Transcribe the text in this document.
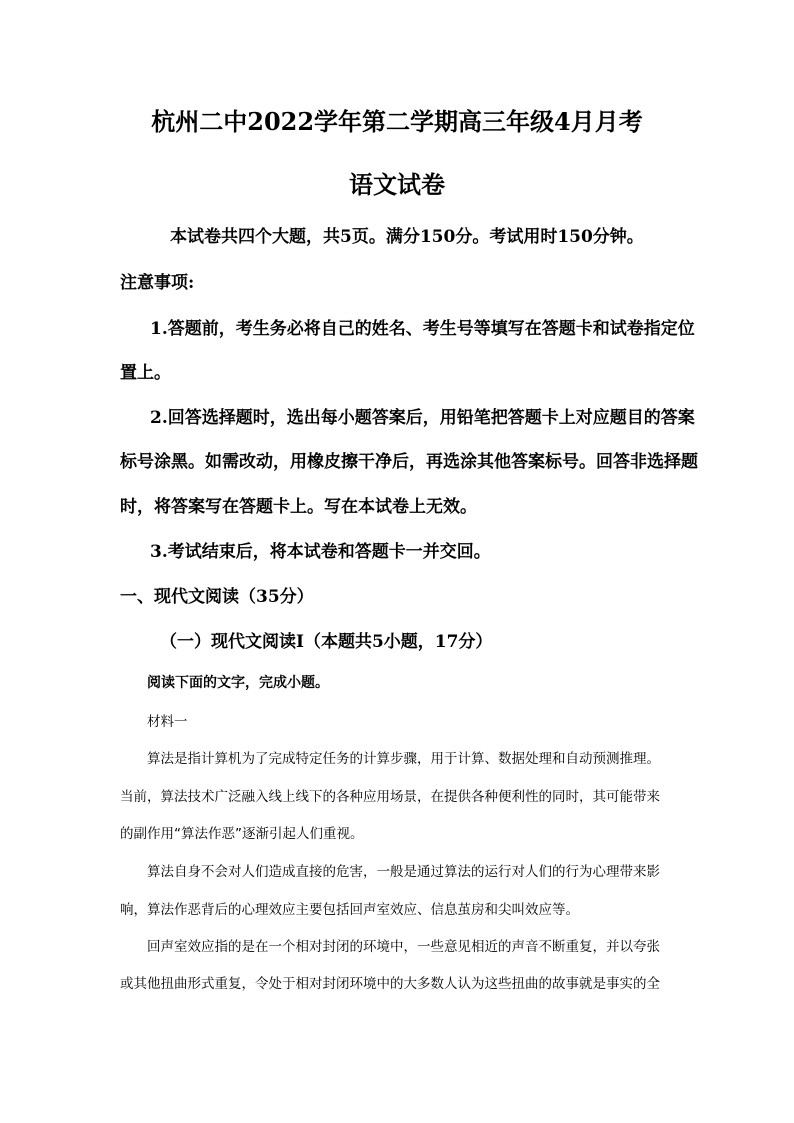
杭州二中2022学年第二学期高三年级4月月考
语文试卷
本试卷共四个大题，共5页。满分150分。考试用时150分钟。
注意事项:
1.答题前，考生务必将自己的姓名、考生号等填写在答题卡和试卷指定位
置上。
2.回答选择题时，选出每小题答案后，用铅笔把答题卡上对应题目的答案
标号涂黑。如需改动，用橡皮擦干净后，再选涂其他答案标号。回答非选择题
时，将答案写在答题卡上。写在本试卷上无效。
3.考试结束后，将本试卷和答题卡一并交回。
一、现代文阅读（35分）
（一）现代文阅读Ⅰ（本题共5小题，17分）
阅读下面的文字，完成小题。
材料一
算法是指计算机为了完成特定任务的计算步骤，用于计算、数据处理和自动预测推理。
当前，算法技术广泛融入线上线下的各种应用场景，在提供各种便利性的同时，其可能带来
的副作用“算法作恶”逐渐引起人们重视。
算法自身不会对人们造成直接的危害，一般是通过算法的运行对人们的行为心理带来影
响，算法作恶背后的心理效应主要包括回声室效应、信息茧房和尖叫效应等。
回声室效应指的是在一个相对封闭的环境中，一些意见相近的声音不断重复，并以夸张
或其他扭曲形式重复，令处于相对封闭环境中的大多数人认为这些扭曲的故事就是事实的全
